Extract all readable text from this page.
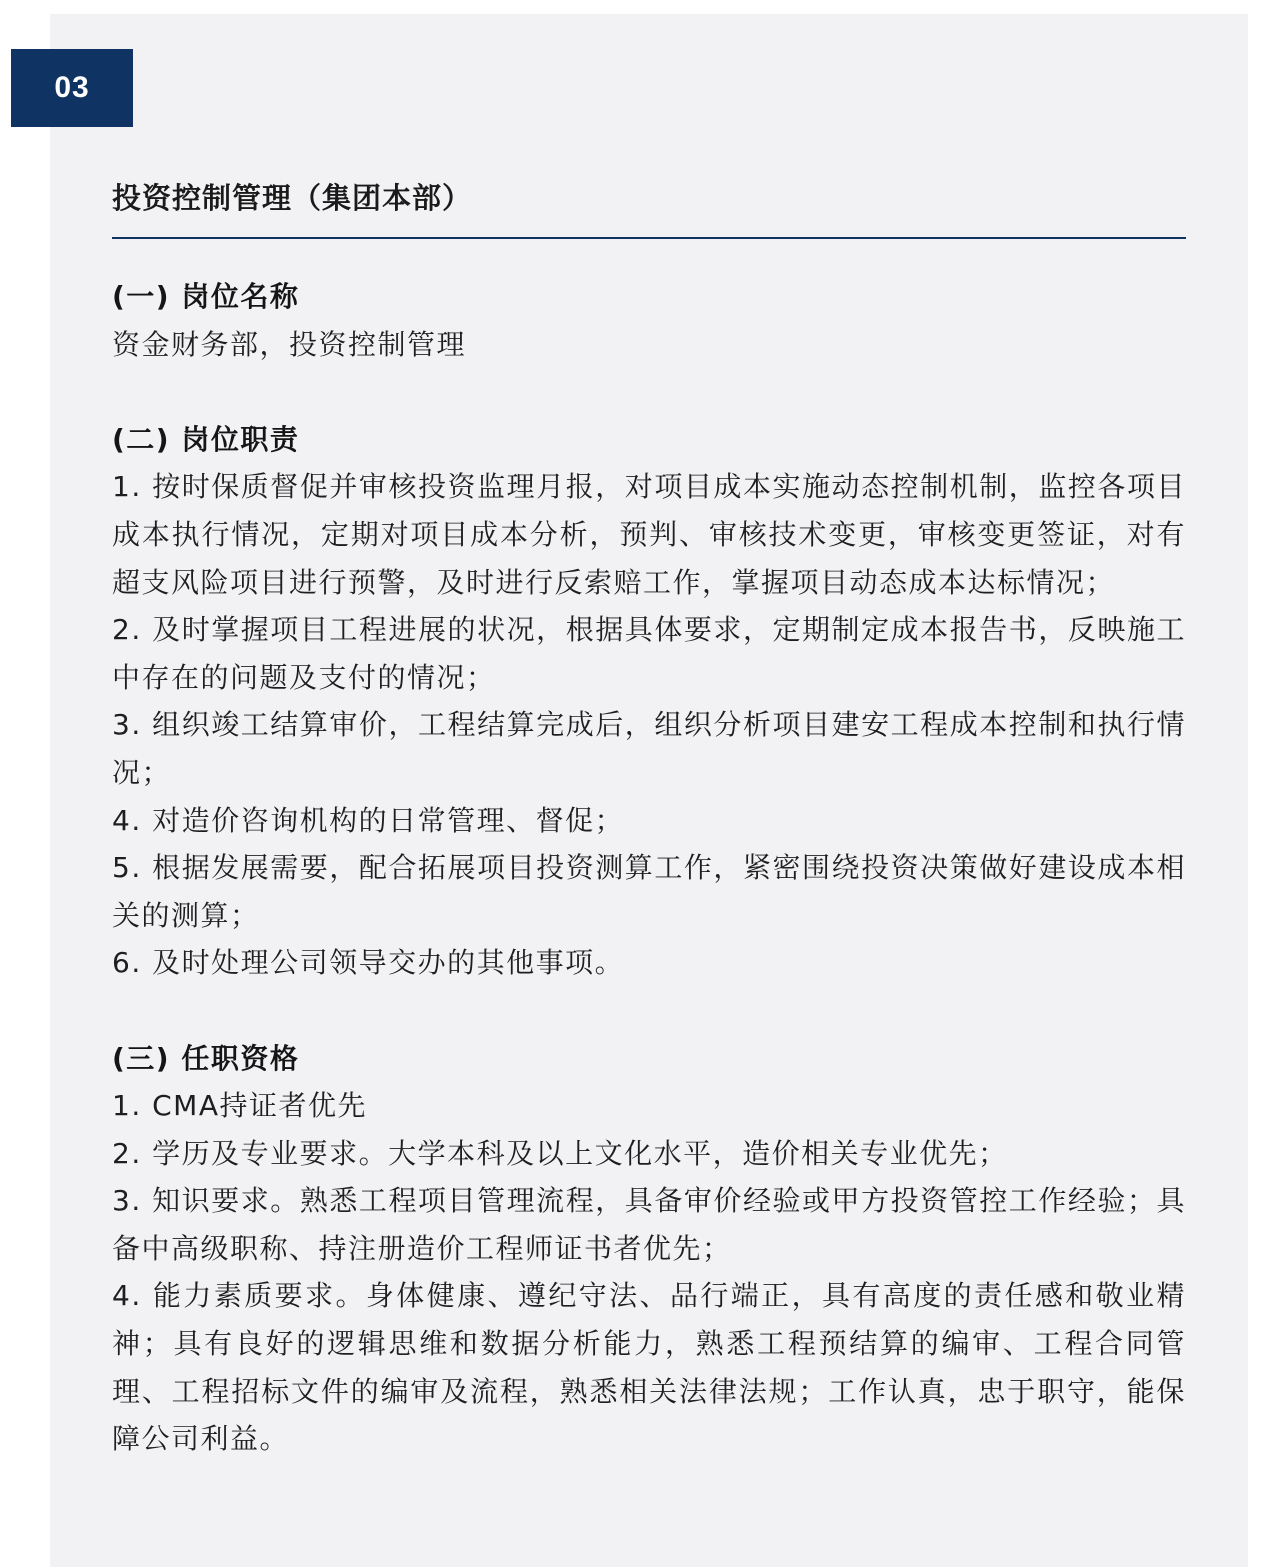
03
投资控制管理（集团本部）
(一) 岗位名称

资金财务部，投资控制管理

(二) 岗位职责

1. 按时保质督促并审核投资监理月报，对项目成本实施动态控制机制，监控各项目成本执行情况，定期对项目成本分析，预判、审核技术变更，审核变更签证，对有超支风险项目进行预警，及时进行反索赔工作，掌握项目动态成本达标情况；

2. 及时掌握项目工程进展的状况，根据具体要求，定期制定成本报告书，反映施工中存在的问题及支付的情况；

3. 组织竣工结算审价，工程结算完成后，组织分析项目建安工程成本控制和执行情况；

4. 对造价咨询机构的日常管理、督促；

5. 根据发展需要，配合拓展项目投资测算工作，紧密围绕投资决策做好建设成本相关的测算；

6. 及时处理公司领导交办的其他事项。

(三) 任职资格

1. CMA持证者优先

2. 学历及专业要求。大学本科及以上文化水平，造价相关专业优先；

3. 知识要求。熟悉工程项目管理流程，具备审价经验或甲方投资管控工作经验；具备中高级职称、持注册造价工程师证书者优先；

4. 能力素质要求。身体健康、遵纪守法、品行端正，具有高度的责任感和敬业精神；具有良好的逻辑思维和数据分析能力，熟悉工程预结算的编审、工程合同管理、工程招标文件的编审及流程，熟悉相关法律法规；工作认真，忠于职守，能保障公司利益。
